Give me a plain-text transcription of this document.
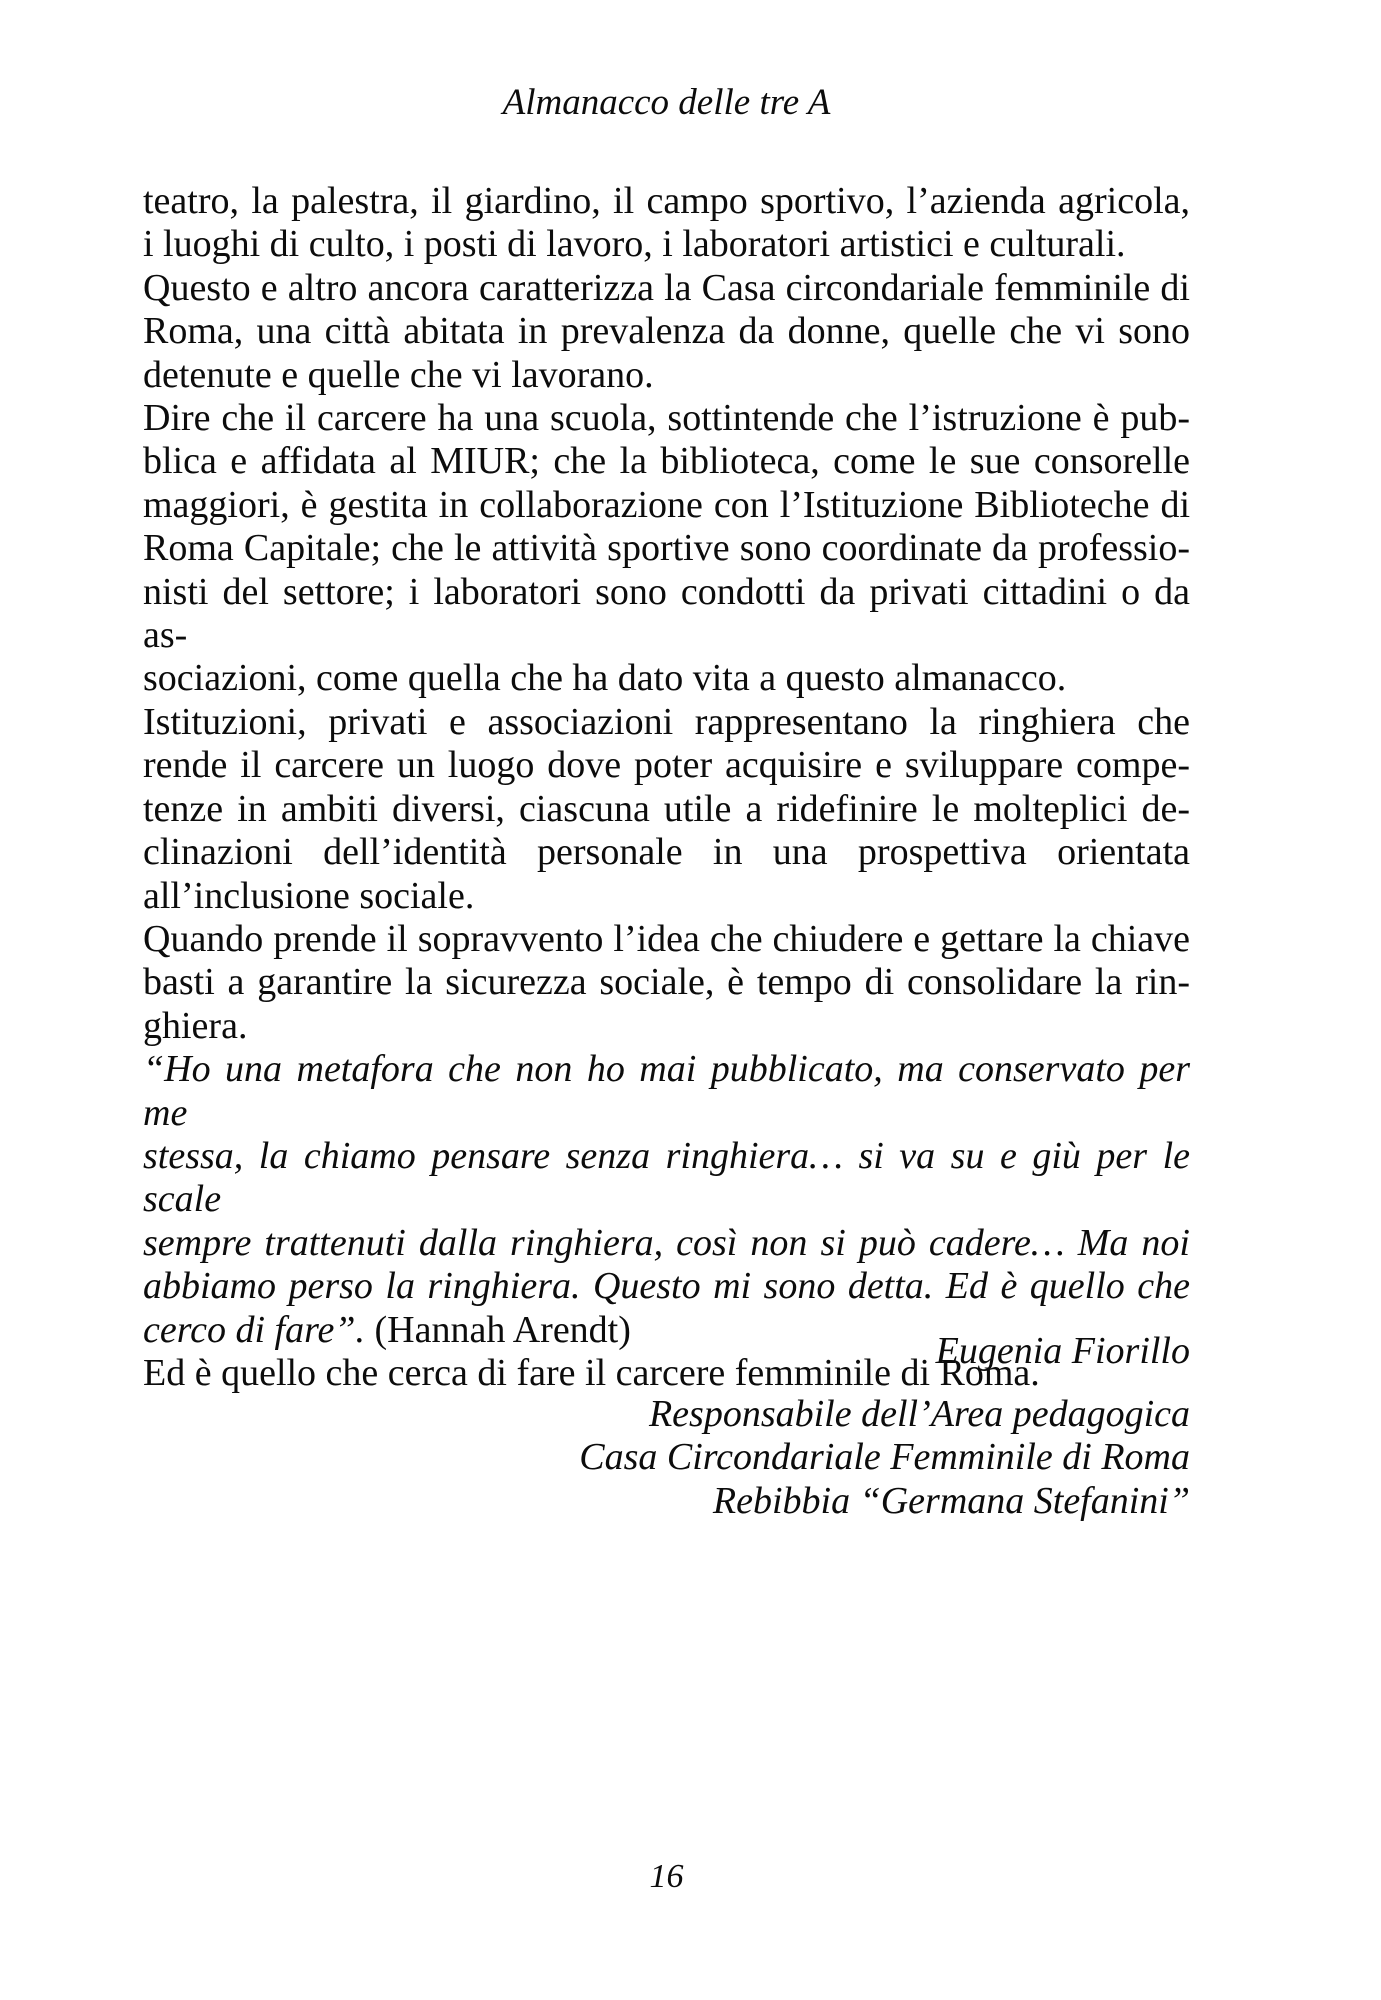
Almanacco delle tre A
teatro, la palestra, il giardino, il campo sportivo, l’azienda agricola,
i luoghi di culto, i posti di lavoro, i laboratori artistici e culturali.
Questo e altro ancora caratterizza la Casa circondariale femminile di
Roma, una città abitata in prevalenza da donne, quelle che vi sono
detenute e quelle che vi lavorano.
Dire che il carcere ha una scuola, sottintende che l’istruzione è pub-
blica e affidata al MIUR; che la biblioteca, come le sue consorelle
maggiori, è gestita in collaborazione con l’Istituzione Biblioteche di
Roma Capitale; che le attività sportive sono coordinate da professio-
nisti del settore; i laboratori sono condotti da privati cittadini o da as-
sociazioni, come quella che ha dato vita a questo almanacco.
Istituzioni, privati e associazioni rappresentano la ringhiera che
rende il carcere un luogo dove poter acquisire e sviluppare compe-
tenze in ambiti diversi, ciascuna utile a ridefinire le molteplici de-
clinazioni dell’identità personale in una prospettiva orientata
all’inclusione sociale.
Quando prende il sopravvento l’idea che chiudere e gettare la chiave
basti a garantire la sicurezza sociale, è tempo di consolidare la rin-
ghiera.
“Ho una metafora che non ho mai pubblicato, ma conservato per me
stessa, la chiamo pensare senza ringhiera… si va su e giù per le scale
sempre trattenuti dalla ringhiera, così non si può cadere… Ma noi
abbiamo perso la ringhiera. Questo mi sono detta. Ed è quello che
cerco di fare”. (Hannah Arendt)
Ed è quello che cerca di fare il carcere femminile di Roma.
Eugenia Fiorillo
Responsabile dell’Area pedagogica
Casa Circondariale Femminile di Roma
Rebibbia “Germana Stefanini”
16
